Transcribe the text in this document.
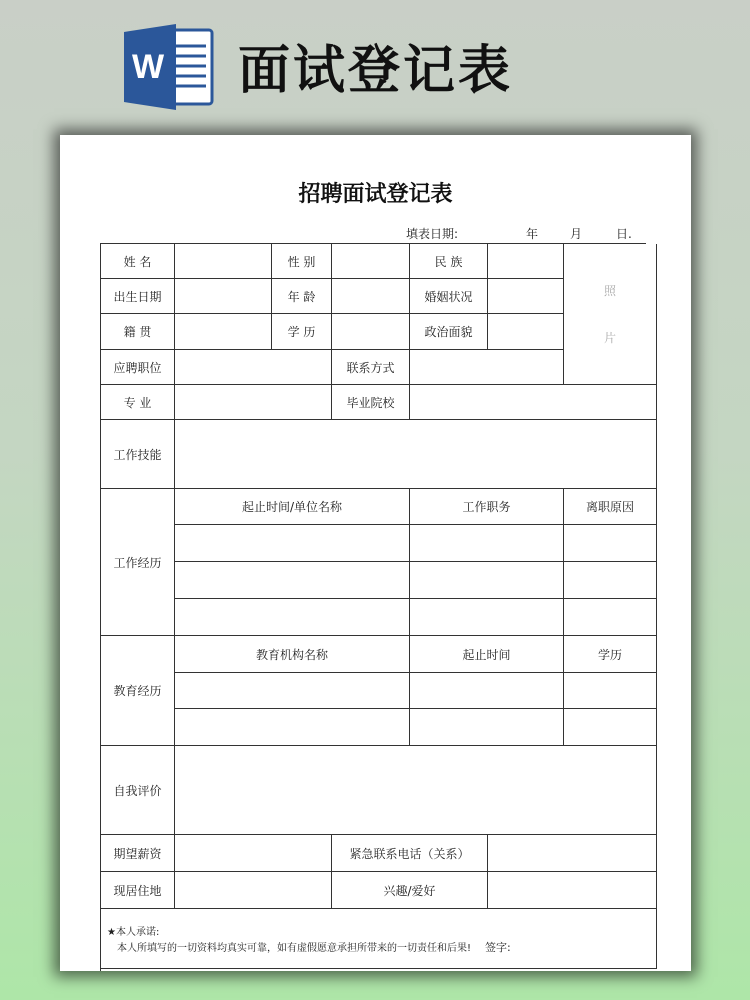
W 面试登记表
招聘面试登记表
填表日期:	年	月	日.
姓 名	性 别	民 族
照
片
出生日期	年 龄	婚姻状况
籍 贯	学 历	政治面貌
应聘职位	联系方式
专 业	毕业院校
工作技能
工作经历
起止时间/单位名称	工作职务	离职原因
教育经历
教育机构名称	起止时间	学历
自我评价
期望薪资	紧急联系电话（关系）
现居住地	兴趣/爱好
★本人承诺:
本人所填写的一切资料均真实可靠，如有虚假愿意承担所带来的一切责任和后果! 签字:
